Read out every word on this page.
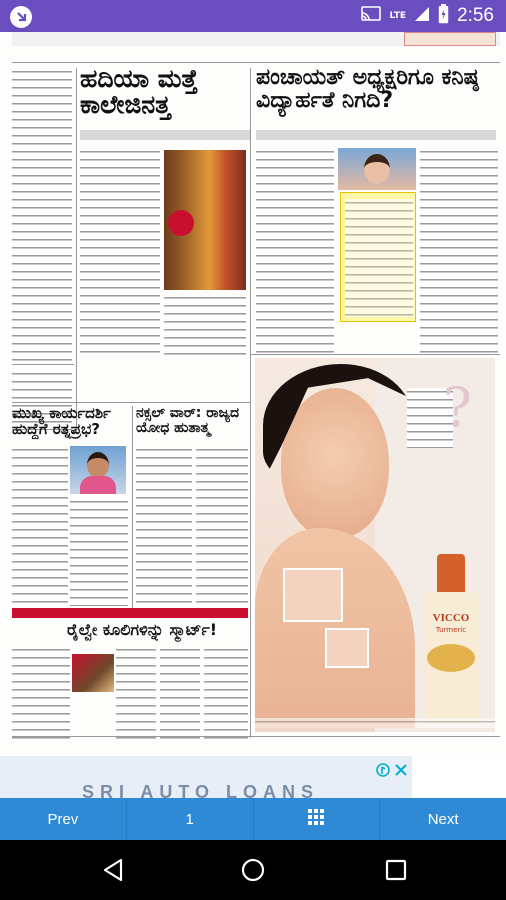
LTE	2:56
ಹದಿಯಾ ಮತ್ತೆ ಕಾಲೇಜಿನತ್ತ
ಪಂಚಾಯತ್ ಅಧ್ಯಕ್ಷರಿಗೂ ಕನಿಷ್ಠ ವಿದ್ಯಾರ್ಹತೆ ನಿಗದಿ?
ಮುಖ್ಯ ಕಾರ್ಯದರ್ಶಿ ಹುದ್ದೆಗೆ ರತ್ನಪ್ರಭ?
ನಕ್ಸಲ್ ವಾರ್: ರಾಜ್ಯದ ಯೋಧ ಹುತಾತ್ಮ
ರೈಲ್ವೇ ಕೂಲಿಗಳಿನ್ನು ಸ್ಮಾರ್ಟ್!
?
VICCO
Turmeric
SRI AUTO LOANS
Prev	1	Next
